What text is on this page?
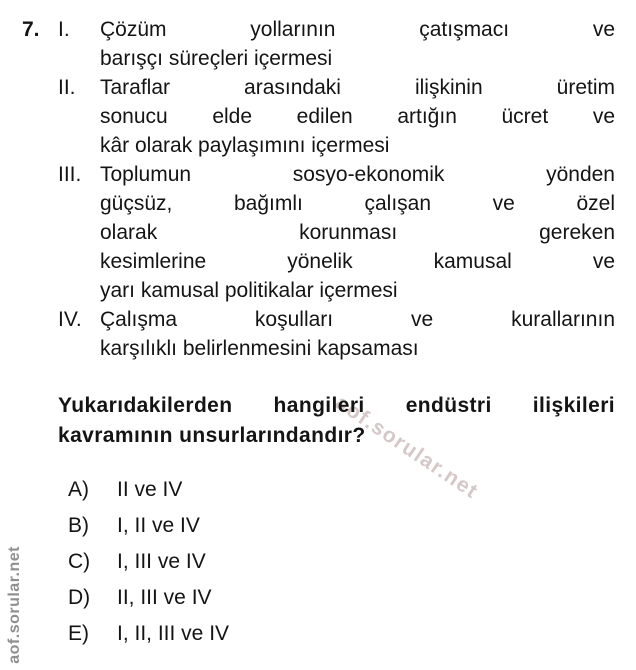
aof.sorular.net
aof.sorular.net
7. I.	Çözüm yollarının çatışmacı ve
barışçı süreçleri içermesi
II.	Taraflar arasındaki ilişkinin üretim
sonucu elde edilen artığın ücret ve
kâr olarak paylaşımını içermesi
III. Toplumun sosyo-ekonomik yönden
güçsüz, bağımlı çalışan ve özel
olarak korunması gereken
kesimlerine yönelik kamusal ve
yarı kamusal politikalar içermesi
IV. Çalışma koşulları ve kurallarının
karşılıklı belirlenmesini kapsaması
Yukarıdakilerden hangileri endüstri ilişkileri
kavramının unsurlarındandır?
A)	II ve IV
B)	I, II ve IV
C)	I, III ve IV
D)	II, III ve IV
E)	I, II, III ve IV
